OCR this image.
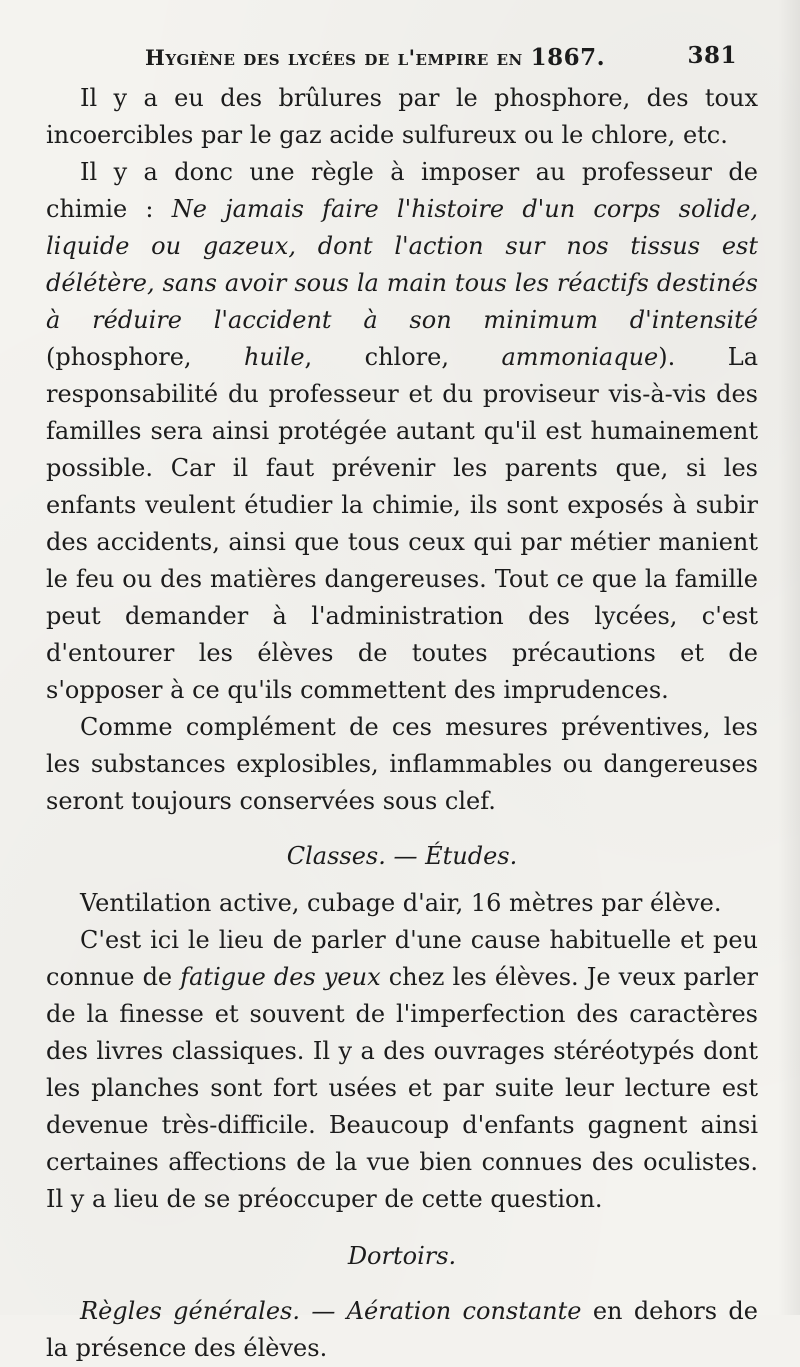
Hygiène des lycées de l'empire en 1867.	381

Il y a eu des brûlures par le phosphore, des toux incoercibles par le gaz acide sulfureux ou le chlore, etc.

Il y a donc une règle à imposer au professeur de chimie : Ne jamais faire l'histoire d'un corps solide, liquide ou gazeux, dont l'action sur nos tissus est délétère, sans avoir sous la main tous les réactifs destinés à réduire l'accident à son minimum d'intensité (phosphore, huile, chlore, ammoniaque). La responsabilité du professeur et du proviseur vis-à-vis des familles sera ainsi protégée autant qu'il est humainement possible. Car il faut prévenir les parents que, si les enfants veulent étudier la chimie, ils sont exposés à subir des accidents, ainsi que tous ceux qui par métier manient le feu ou des matières dangereuses. Tout ce que la famille peut demander à l'administration des lycées, c'est d'entourer les élèves de toutes précautions et de s'opposer à ce qu'ils commettent des imprudences.

Comme complément de ces mesures préventives, les les substances explosibles, inflammables ou dangereuses seront toujours conservées sous clef.

Classes. — Études.

Ventilation active, cubage d'air, 16 mètres par élève.

C'est ici le lieu de parler d'une cause habituelle et peu connue de fatigue des yeux chez les élèves. Je veux parler de la finesse et souvent de l'imperfection des caractères des livres classiques. Il y a des ouvrages stéréotypés dont les planches sont fort usées et par suite leur lecture est devenue très-difficile. Beaucoup d'enfants gagnent ainsi certaines affections de la vue bien connues des oculistes. Il y a lieu de se préoccuper de cette question.

Dortoirs.

Règles générales. — Aération constante en dehors de la présence des élèves.
